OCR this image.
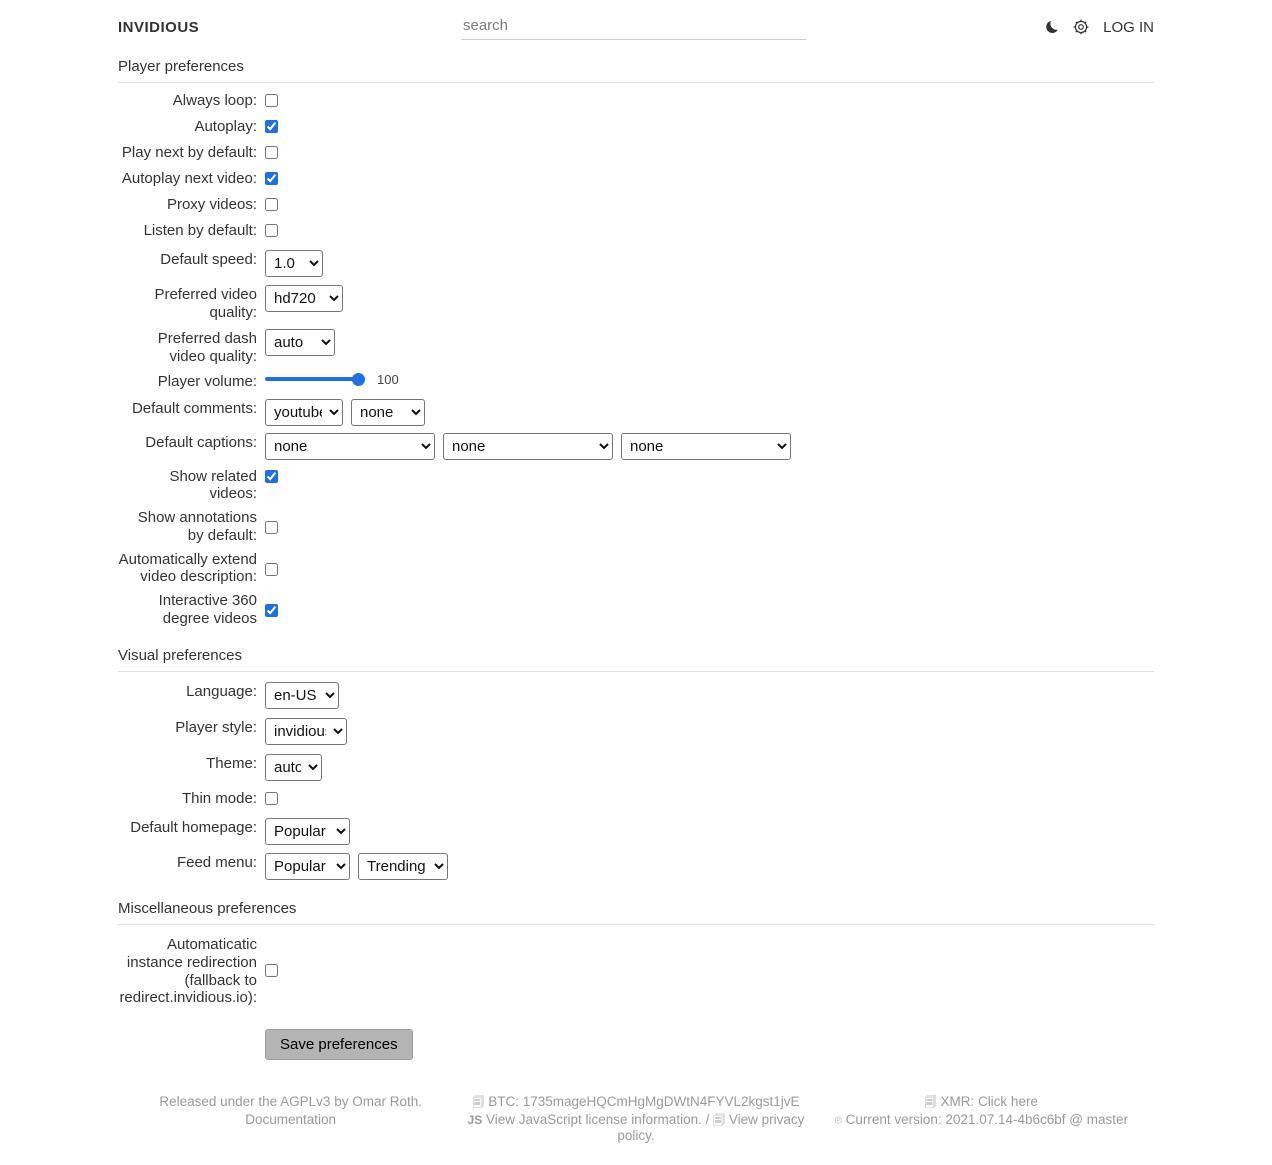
INVIDIOUS
search	LOG IN
Player preferences
Always loop:
Autoplay:
Play next by default:
Autoplay next video:
Proxy videos:
Listen by default:
Default speed:
1.0
Preferred video quality:
hd720
Preferred dash video quality:
auto
Player volume:	100
Default comments:
youtube
none
Default captions:
none
none
none
Show related videos:
Show annotations by default:
Automatically extend video description:
Interactive 360 degree videos
Visual preferences
Language:
en-US
Player style:
invidious
Theme:
auto
Thin mode:
Default homepage:
Popular
Feed menu:
Popular
Trending
Miscellaneous preferences
Automaticatic instance redirection (fallback to redirect.invidious.io):
Save preferences

Released under the AGPLv3 by Omar Roth.

Documentation

🗐 BTC: 1735mageHQCmHgMgDWtN4FYVL2kgst1jvE

JS View JavaScript license information. / 🗐 View privacy policy.

🗐 XMR: Click here

⌾ Current version: 2021.07.14-4b6c6bf @ master
